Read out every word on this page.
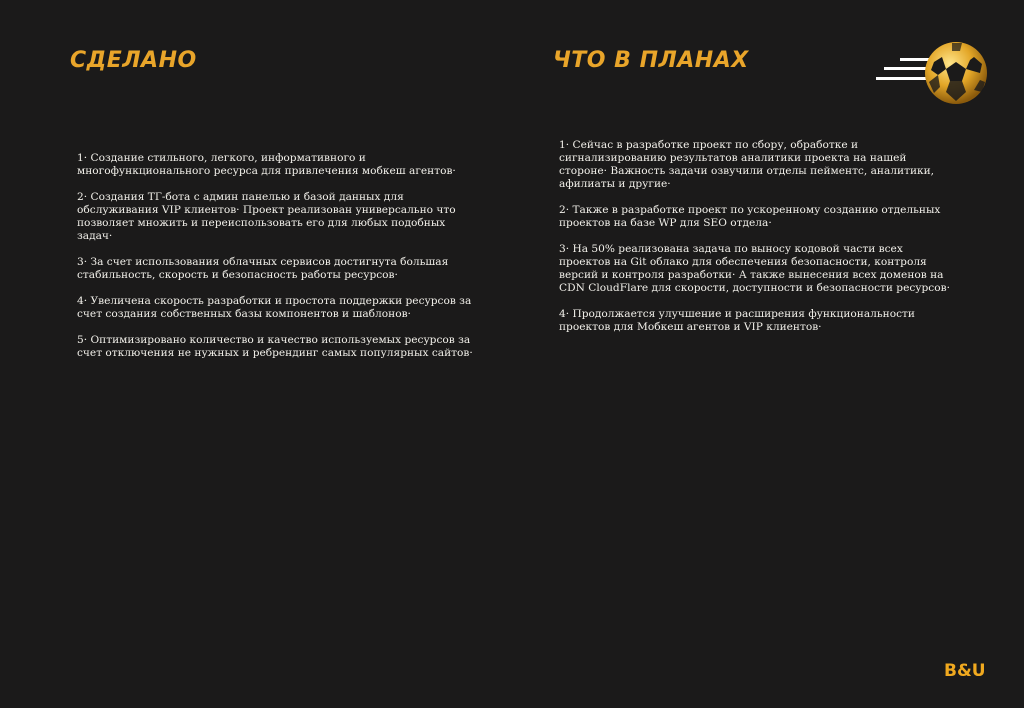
СДЕЛАНО	ЧТО В ПЛАНАХ

1· Создание стильного, легкого, информативного и многофункционального ресурса для привлечения мобкеш агентов·

2· Создания ТГ-бота с админ панелью и базой данных для обслуживания VIP клиентов· Проект реализован универсально что позволяет множить и переиспользовать его для любых подобных задач·

3· За счет использования облачных сервисов достигнута большая стабильность, скорость и безопасность работы ресурсов·

4· Увеличена скорость разработки и простота поддержки ресурсов за счет создания собственных базы компонентов и шаблонов·

5· Оптимизировано количество и качество используемых ресурсов за счет отключения не нужных и ребрендинг самых популярных сайтов·

1· Сейчас в разработке проект по сбору, обработке и сигнализированию результатов аналитики проекта на нашей стороне· Важность задачи озвучили отделы пейментс, аналитики, афилиаты и другие·

2· Также в разработке проект по ускоренному созданию отдельных проектов на базе WP для SEO отдела·

3· На 50% реализована задача по выносу кодовой части всех проектов на Git облако для обеспечения безопасности, контроля версий и контроля разработки· А также вынесения всех доменов на CDN CloudFlare для скорости, доступности и безопасности ресурсов·

4· Продолжается улучшение и расширения функциональности проектов для Мобкеш агентов и VIP клиентов·

B&U
